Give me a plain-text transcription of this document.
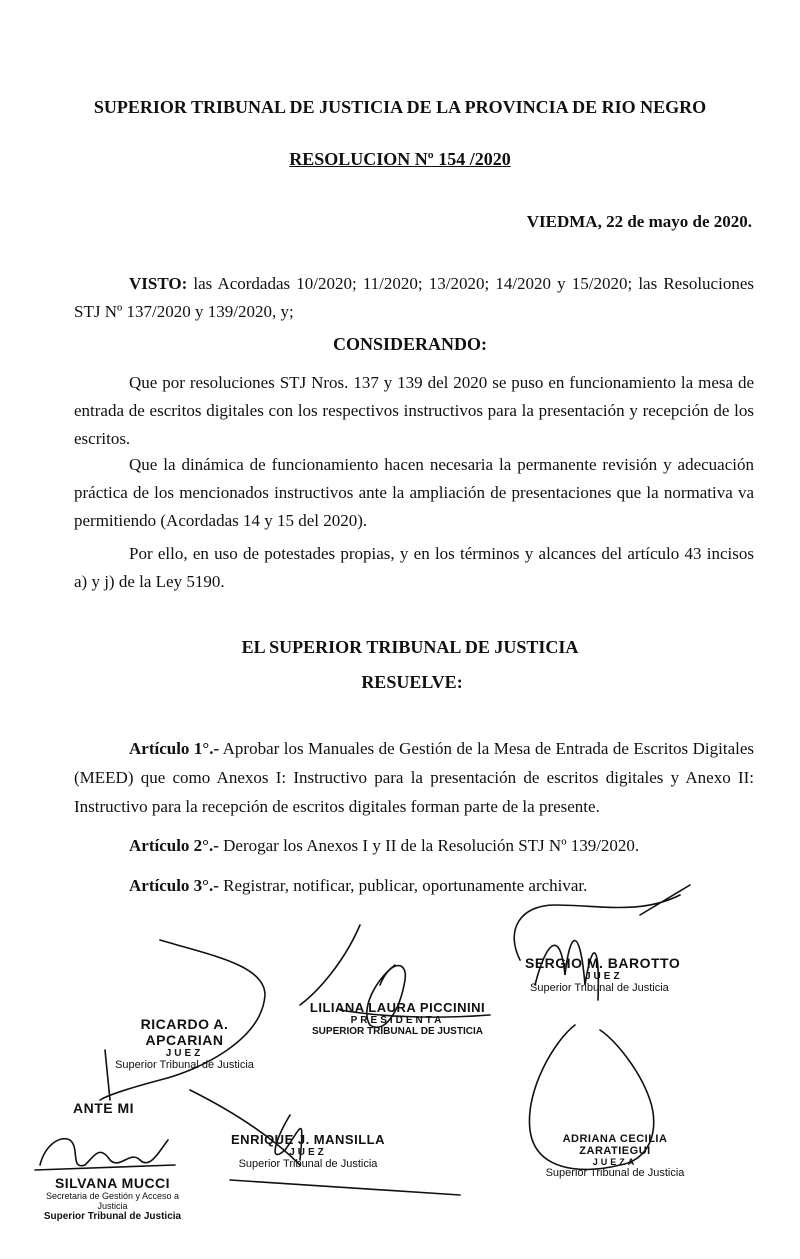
SUPERIOR TRIBUNAL DE JUSTICIA DE LA PROVINCIA DE RIO NEGRO
RESOLUCION Nº 154 /2020
VIEDMA, 22 de mayo de 2020.
VISTO: las Acordadas 10/2020; 11/2020; 13/2020; 14/2020 y 15/2020; las Resoluciones STJ Nº 137/2020 y 139/2020, y;
CONSIDERANDO:
Que por resoluciones STJ Nros. 137 y 139 del 2020 se puso en funcionamiento la mesa de entrada de escritos digitales con los respectivos instructivos para la presentación y recepción de los escritos.
Que la dinámica de funcionamiento hacen necesaria la permanente revisión y adecuación práctica de los mencionados instructivos ante la ampliación de presentaciones que la normativa va permitiendo (Acordadas 14 y 15 del 2020).
Por ello, en uso de potestades propias, y en los términos y alcances del artículo 43 incisos a) y j) de la Ley 5190.
EL SUPERIOR TRIBUNAL DE JUSTICIA
RESUELVE:
Artículo 1°.- Aprobar los Manuales de Gestión de la Mesa de Entrada de Escritos Digitales (MEED) que como Anexos I: Instructivo para la presentación de escritos digitales y Anexo II: Instructivo para la recepción de escritos digitales forman parte de la presente.
Artículo 2°.- Derogar los Anexos I y II de la Resolución STJ Nº 139/2020.
Artículo 3°.- Registrar, notificar, publicar, oportunamente archivar.
SERGIO M. BAROTTO
JUEZ
Superior Tribunal de Justicia
LILIANA LAURA PICCININI
PRESIDENTA
SUPERIOR TRIBUNAL DE JUSTICIA
RICARDO A. APCARIAN
JUEZ
Superior Tribunal de Justicia
ANTE MI
ENRIQUE J. MANSILLA
JUEZ
Superior Tribunal de Justicia
ADRIANA CECILIA ZARATIEGUI
JUEZA
Superior Tribunal de Justicia
SILVANA MUCCI
Secretaria de Gestión y Acceso a Justicia
Superior Tribunal de Justicia
